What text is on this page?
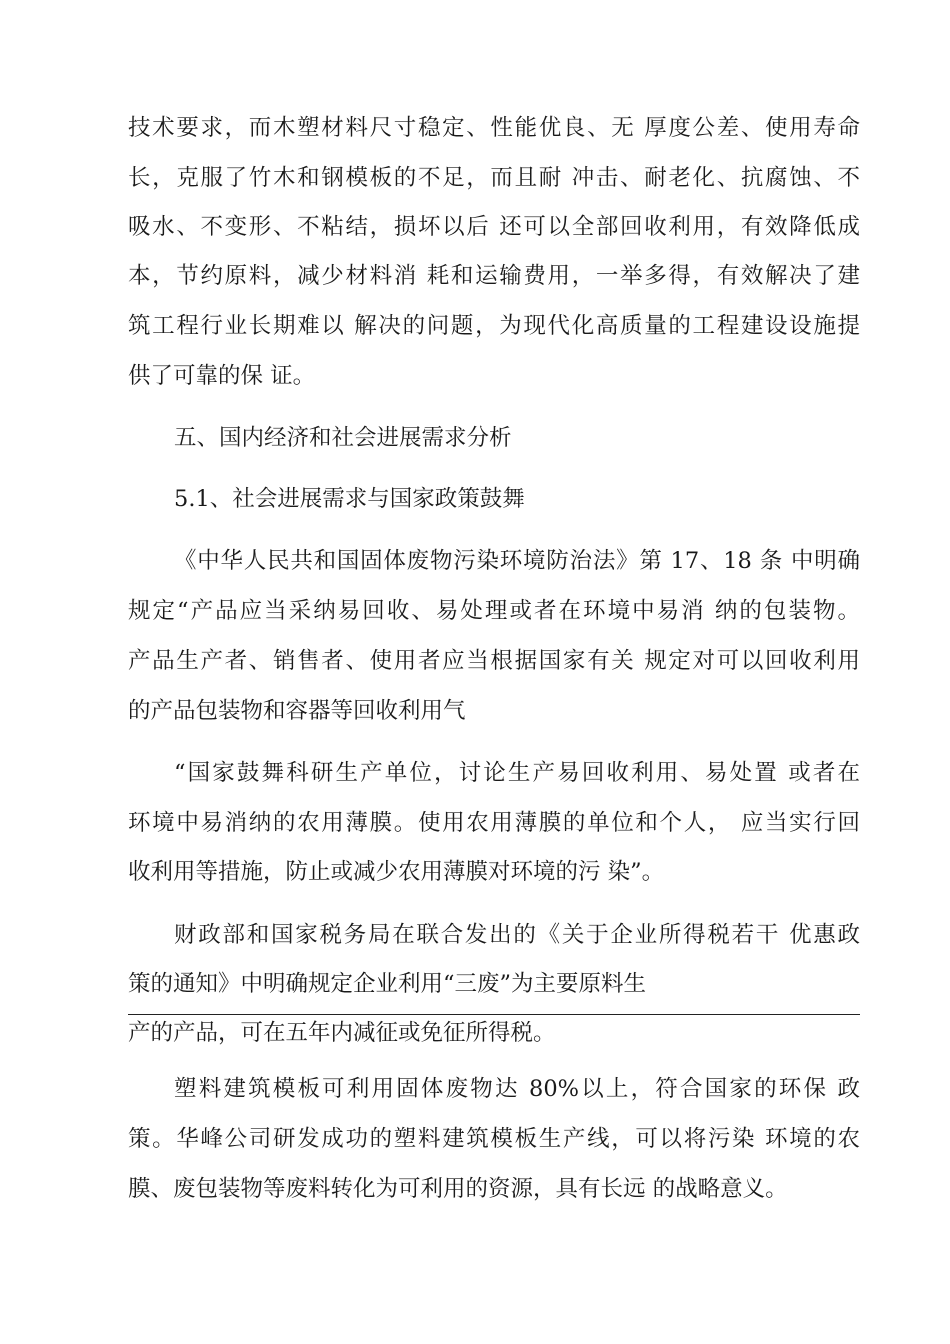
技术要求，而木塑材料尺寸稳定、性能优良、无 厚度公差、使用寿命
长，克服了竹木和钢模板的不足，而且耐 冲击、耐老化、抗腐蚀、不
吸水、不变形、不粘结，损坏以后 还可以全部回收利用，有效降低成
本，节约原料，减少材料消 耗和运输费用，一举多得，有效解决了建
筑工程行业长期难以 解决的问题，为现代化高质量的工程建设设施提
供了可靠的保 证。
五、国内经济和社会进展需求分析
5.1、社会进展需求与国家政策鼓舞
《中华人民共和国固体废物污染环境防治法》第 17、18 条 中明确
规定“产品应当采纳易回收、易处理或者在环境中易消 纳的包装物。
产品生产者、销售者、使用者应当根据国家有关 规定对可以回收利用
的产品包装物和容器等回收利用气
“国家鼓舞科研生产单位，讨论生产易回收利用、易处置 或者在
环境中易消纳的农用薄膜。使用农用薄膜的单位和个人， 应当实行回
收利用等措施，防止或减少农用薄膜对环境的污 染”。
财政部和国家税务局在联合发出的《关于企业所得税若干 优惠政
策的通知》中明确规定企业利用“三废”为主要原料生
产的产品，可在五年内减征或免征所得税。
塑料建筑模板可利用固体废物达 80%以上，符合国家的环保 政
策。华峰公司研发成功的塑料建筑模板生产线，可以将污染 环境的农
膜、废包装物等废料转化为可利用的资源，具有长远 的战略意义。
